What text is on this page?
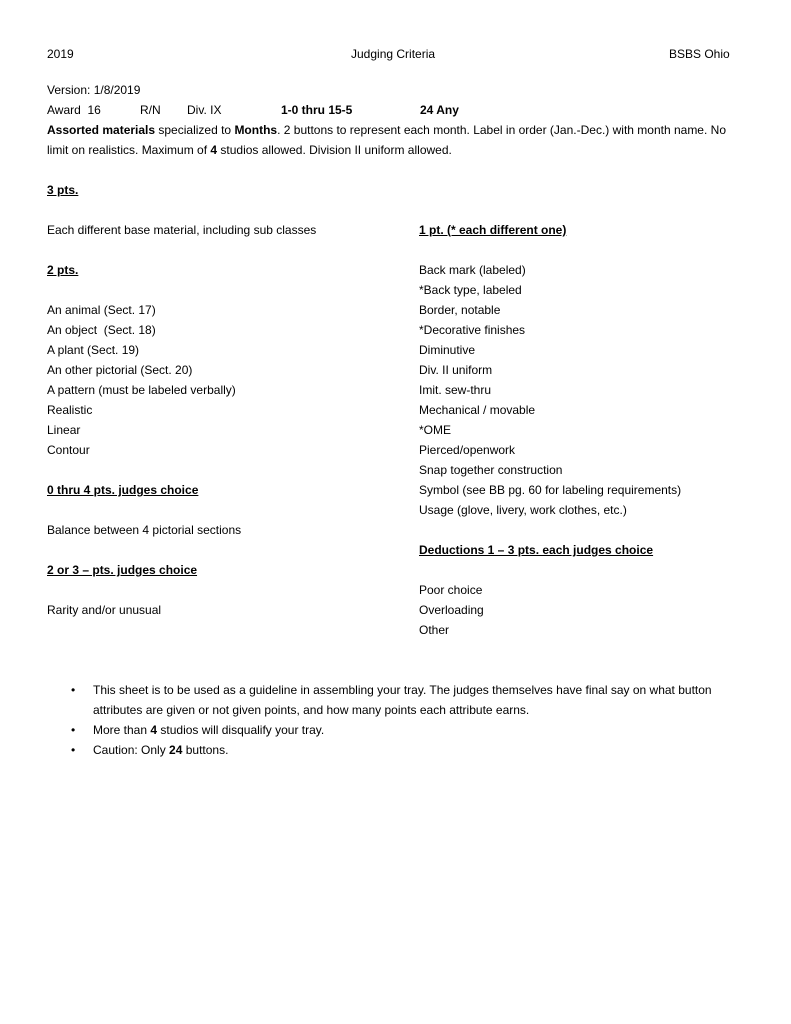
2019	Judging Criteria	BSBS Ohio
Version: 1/8/2019
Award  16	R/N Div. IX	1-0 thru 15-5	24 Any
Assorted materials specialized to Months. 2 buttons to represent each month. Label in order (Jan.-Dec.) with month name. No limit on realistics. Maximum of 4 studios allowed. Division II uniform allowed.
3 pts.
Each different base material, including sub classes
2 pts.
An animal (Sect. 17)
An object  (Sect. 18)
A plant (Sect. 19)
An other pictorial (Sect. 20)
A pattern (must be labeled verbally)
Realistic
Linear
Contour
0 thru 4 pts. judges choice
Balance between 4 pictorial sections
2 or 3 – pts. judges choice
Rarity and/or unusual
1 pt. (* each different one)
Back mark (labeled)
*Back type, labeled
Border, notable
*Decorative finishes
Diminutive
Div. II uniform
Imit. sew-thru
Mechanical / movable
*OME
Pierced/openwork
Snap together construction
Symbol (see BB pg. 60 for labeling requirements)
Usage (glove, livery, work clothes, etc.)
Deductions 1 – 3 pts. each judges choice
Poor choice
Overloading
Other
• This sheet is to be used as a guideline in assembling your tray. The judges themselves have final say on what button attributes are given or not given points, and how many points each attribute earns.
• More than 4 studios will disqualify your tray.
• Caution: Only 24 buttons.
